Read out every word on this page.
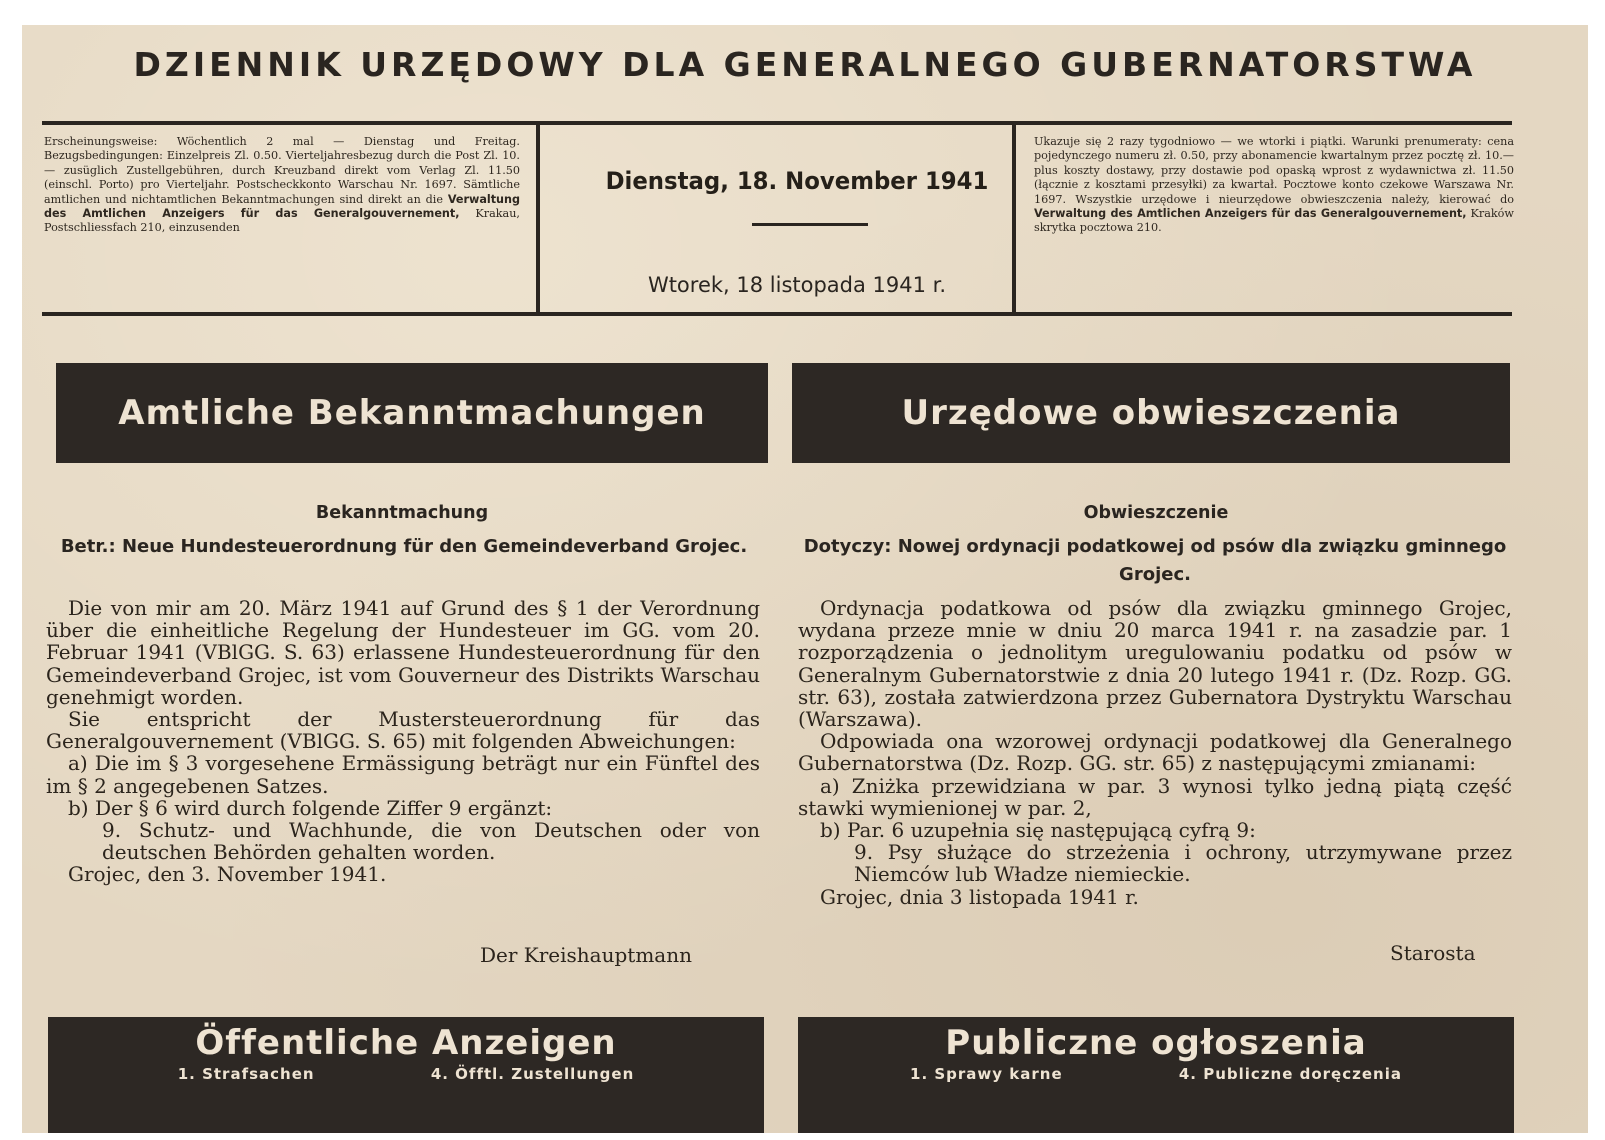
DZIENNIK URZĘDOWY DLA GENERALNEGO GUBERNATORSTWA
Erscheinungsweise: Wöchentlich 2 mal — Dienstag und Freitag. Bezugsbedingungen: Einzelpreis Zl. 0.50. Vierteljahresbezug durch die Post Zl. 10.— zusüglich Zustellgebühren, durch Kreuzband direkt vom Verlag Zl. 11.50 (einschl. Porto) pro Vierteljahr. Postscheckkonto Warschau Nr. 1697. Sämtliche amtlichen und nichtamtlichen Bekanntmachungen sind direkt an die Verwaltung des Amtlichen Anzeigers für das Generalgouvernement, Krakau, Postschliessfach 210, einzusenden
Dienstag, 18. November 1941
Wtorek, 18 listopada 1941 r.
Ukazuje się 2 razy tygodniowo — we wtorki i piątki. Warunki prenumeraty: cena pojedynczego numeru zł. 0.50, przy abonamencie kwartalnym przez pocztę zł. 10.— plus koszty dostawy, przy dostawie pod opaską wprost z wydawnictwa zł. 11.50 (łącznie z kosztami przesyłki) za kwartał. Pocztowe konto czekowe Warszawa Nr. 1697. Wszystkie urzędowe i nieurzędowe obwieszczenia należy, kierować do Verwaltung des Amtlichen Anzeigers für das Generalgouvernement, Kraków skrytka pocztowa 210.
Amtliche Bekanntmachungen	Urzędowe obwieszczenia
Bekanntmachung
Betr.: Neue Hundesteuerordnung für den Gemeindeverband Grojec.

Die von mir am 20. März 1941 auf Grund des § 1 der Verordnung über die einheitliche Regelung der Hundesteuer im GG. vom 20. Februar 1941 (VBlGG. S. 63) erlassene Hundesteuerordnung für den Gemeindeverband Grojec, ist vom Gouverneur des Distrikts Warschau genehmigt worden.

Sie entspricht der Mustersteuerordnung für das Generalgouvernement (VBlGG. S. 65) mit folgenden Abweichungen:

a) Die im § 3 vorgesehene Ermässigung beträgt nur ein Fünftel des im § 2 angegebenen Satzes.

b) Der § 6 wird durch folgende Ziffer 9 ergänzt:

9. Schutz- und Wachhunde, die von Deutschen oder von deutschen Behörden gehalten worden.

Grojec, den 3. November 1941.

Der Kreishauptmann
Obwieszczenie
Dotyczy: Nowej ordynacji podatkowej od psów dla związku gminnego Grojec.

Ordynacja podatkowa od psów dla związku gminnego Grojec, wydana przeze mnie w dniu 20 marca 1941 r. na zasadzie par. 1 rozporządzenia o jednolitym uregulowaniu podatku od psów w Generalnym Gubernatorstwie z dnia 20 lutego 1941 r. (Dz. Rozp. GG. str. 63), została zatwierdzona przez Gubernatora Dystryktu Warschau (Warszawa).

Odpowiada ona wzorowej ordynacji podatkowej dla Generalnego Gubernatorstwa (Dz. Rozp. GG. str. 65) z następującymi zmianami:

a) Zniżka przewidziana w par. 3 wynosi tylko jedną piątą część stawki wymienionej w par. 2,

b) Par. 6 uzupełnia się następującą cyfrą 9:

9. Psy służące do strzeżenia i ochrony, utrzymywane przez Niemców lub Władze niemieckie.

Grojec, dnia 3 listopada 1941 r.

Starosta
Öffentliche Anzeigen
1. Strafsachen	4. Öfftl. Zustellungen
Publiczne ogłoszenia
1. Sprawy karne	4. Publiczne doręczenia
